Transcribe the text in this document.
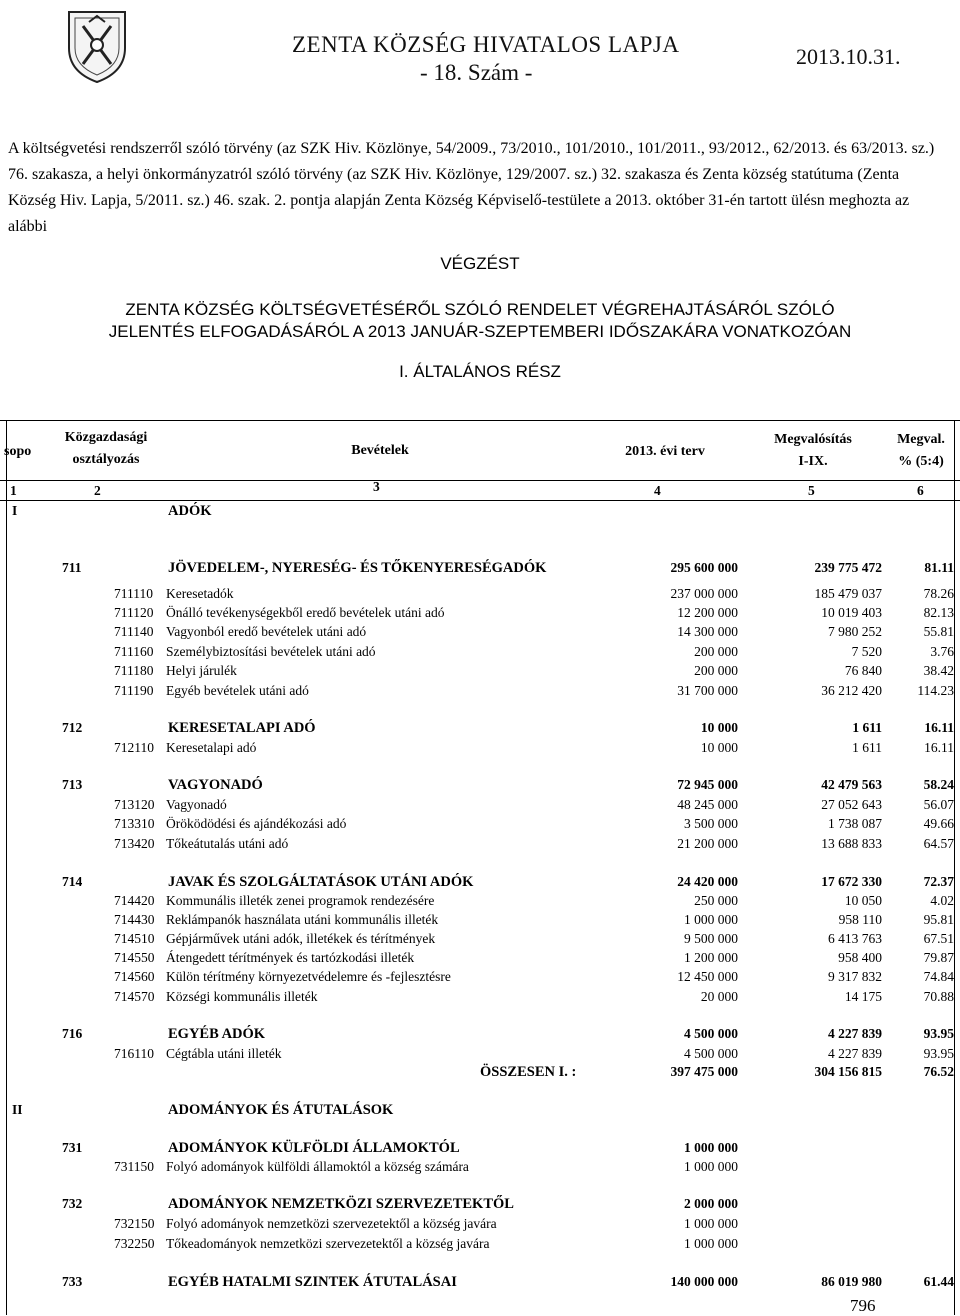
ZENTA KÖZSÉG HIVATALOS LAPJA
- 18. Szám -
2013.10.31.
A költségvetési rendszerről szóló törvény (az SZK Hiv. Közlönye, 54/2009., 73/2010., 101/2010., 101/2011., 93/2012., 62/2013. és 63/2013. sz.) 76. szakasza, a helyi önkormányzatról szóló törvény (az SZK Hiv. Közlönye, 129/2007. sz.) 32. szakasza és Zenta község statútuma (Zenta Község Hiv. Lapja, 5/2011. sz.) 46. szak. 2. pontja alapján Zenta Község Képviselő-testülete a 2013. október 31-én tartott ülésn meghozta az alábbi
VÉGZÉST
ZENTA KÖZSÉG KÖLTSÉGVETÉSÉRŐL SZÓLÓ RENDELET VÉGREHAJTÁSÁRÓL SZÓLÓ
JELENTÉS ELFOGADÁSÁRÓL A 2013 JANUÁR-SZEPTEMBERI IDŐSZAKÁRA VONATKOZÓAN
I. ÁLTALÁNOS RÉSZ
sopo
Közgazdasági
osztályozás
Bevételek	2013. évi terv
Megvalósítás
I-IX.
Megval.
% (5:4)
1	2	3	4	5	6
I	ADÓK
711	JÖVEDELEM-, NYERESÉG- ÉS TŐKENYERESÉGADÓK	295 600 000	239 775 472	81.11
711110 Keresetadók	237 000 000	185 479 037	78.26
711120 Önálló tevékenységekből eredő bevételek utáni adó	12 200 000	10 019 403	82.13
711140 Vagyonból eredő bevételek utáni adó	14 300 000	7 980 252	55.81
711160 Személybiztosítási bevételek utáni adó	200 000	7 520	3.76
711180 Helyi járulék	200 000	76 840	38.42
711190 Egyéb bevételek utáni adó	31 700 000	36 212 420	114.23
712	KERESETALAPI ADÓ	10 000	1 611	16.11
712110 Keresetalapi adó	10 000	1 611	16.11
713	VAGYONADÓ	72 945 000	42 479 563	58.24
713120 Vagyonadó	48 245 000	27 052 643	56.07
713310 Öröködödési és ajándékozási adó	3 500 000	1 738 087	49.66
713420 Tőkeátutalás utáni adó	21 200 000	13 688 833	64.57
714	JAVAK ÉS SZOLGÁLTATÁSOK UTÁNI ADÓK	24 420 000	17 672 330	72.37
714420 Kommunális illeték zenei programok rendezésére	250 000	10 050	4.02
714430 Reklámpanók használata utáni kommunális illeték	1 000 000	958 110	95.81
714510 Gépjárművek utáni adók, illetékek és térítmények	9 500 000	6 413 763	67.51
714550 Átengedett térítmények és tartózkodási illeték	1 200 000	958 400	79.87
714560 Külön térítmény környezetvédelemre és -fejlesztésre	12 450 000	9 317 832	74.84
714570 Községi kommunális illeték	20 000	14 175	70.88
716	EGYÉB ADÓK	4 500 000	4 227 839	93.95
716110 Cégtábla utáni illeték	4 500 000	4 227 839	93.95
ÖSSZESEN I. :	397 475 000	304 156 815	76.52
II	ADOMÁNYOK ÉS ÁTUTALÁSOK
731	ADOMÁNYOK KÜLFÖLDI ÁLLAMOKTÓL	1 000 000
731150 Folyó adományok külföldi államoktól a község számára	1 000 000
732	ADOMÁNYOK NEMZETKÖZI SZERVEZETEKTŐL	2 000 000
732150 Folyó adományok nemzetközi szervezetektől a község javára	1 000 000
732250 Tőkeadományok nemzetközi szervezetektől a község javára	1 000 000
733	EGYÉB HATALMI SZINTEK ÁTUTALÁSAI	140 000 000	86 019 980	61.44
796
